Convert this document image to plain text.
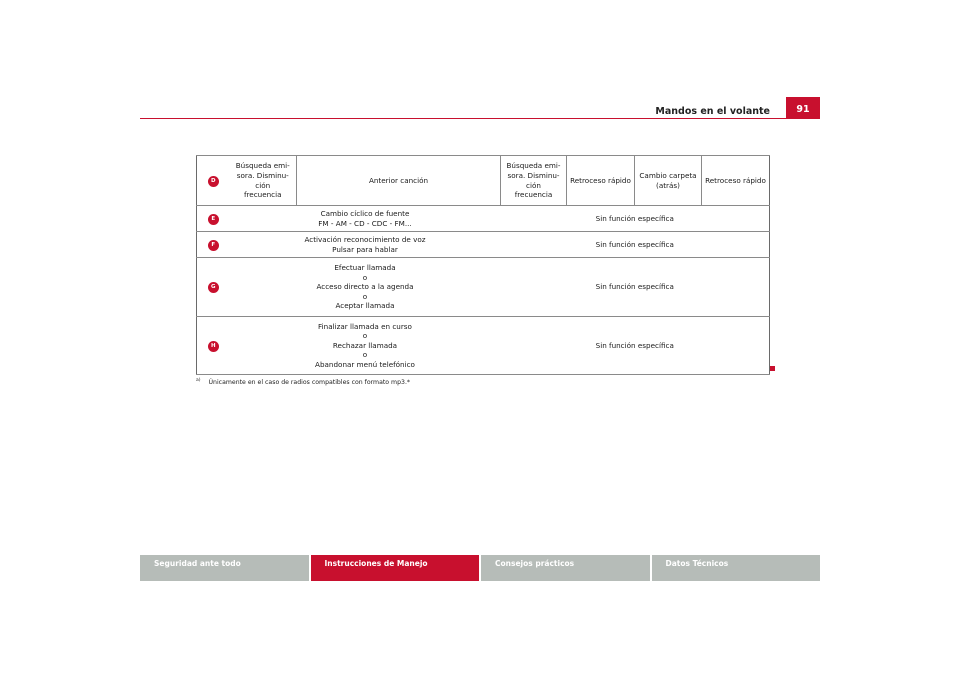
Mandos en el volante	91
D	Búsqueda emi-
sora. Disminu-
ción
frecuencia	Anterior canción	Búsqueda emi-
sora. Disminu-
ción
frecuencia	Retroceso rápido	Cambio carpeta
(atrás)	Retroceso rápido
E	Cambio cíclico de fuente
FM - AM - CD - CDC - FM...		Sin función específica			
F	Activación reconocimiento de voz
Pulsar para hablar		Sin función específica			
G	Efectuar llamada
o
Acceso directo a la agenda
o
Aceptar llamada		Sin función específica			
H	Finalizar llamada en curso
o
Rechazar llamada
o
Abandonar menú telefónico		Sin función específica			
$^{a)}$ Únicamente en el caso de radios compatibles con formato mp3.*
Seguridad ante todo	Instrucciones de Manejo	Consejos prácticos	Datos Técnicos
